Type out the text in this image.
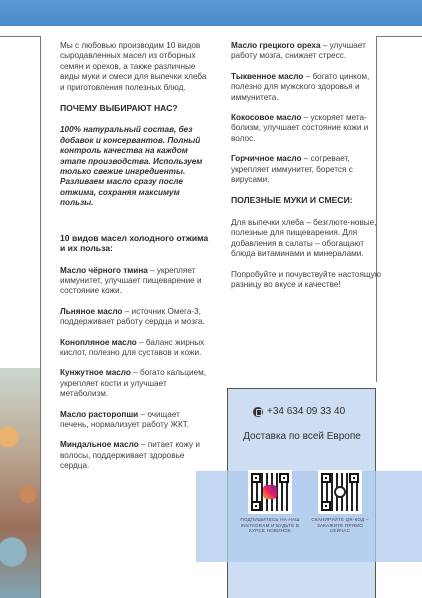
Мы с любовью производим 10 видов сыродавленных масел из отборных семян и орехов, а также различные виды муки и смеси для выпечки хлеба и приготовления полезных блюд.
ПОЧЕМУ ВЫБИРАЮТ НАС?
100% натуральный состав, без добавок и консервантов. Полный контроль качества на каждом этапе производства. Используем только свежие ингредиенты. Разливаем масло сразу после отжима, сохраняя максимум пользы.
10 видов масел холодного отжима и их польза:
Масло чёрного тмина – укрепляет иммунитет, улучшает пищеварение и состояние кожи.
Льняное масло – источник Омега-3, поддерживает работу сердца и мозга.
Конопляное масло – баланс жирных кислот, полезно для суставов и кожи.
Кунжутное масло – богато кальцием, укрепляет кости и улучшает метаболизм.
Масло расторопши – очищает печень, нормализует работу ЖКТ.
Миндальное масло – питает кожу и волосы, поддерживает здоровье сердца.
Масло грецкого ореха – улучшает работу мозга, снижает стресс.
Тыквенное масло – богато цинком, полезно для мужского здоровья и иммунитета.
Кокосовое масло – ускоряет мета-болизм, улучшает состояние кожи и волос.
Горчичное масло – согревает, укрепляет иммунитет, борется с вирусами.
ПОЛЕЗНЫЕ МУКИ И СМЕСИ:
Для выпечки хлеба – безглюте-новые, полезные для пищеварения. Для добавления в салаты – обогащают блюда витаминами и минералами.
Попробуйте и почувствуйте настоящую разницу во вкусе и качестве!
+34 634 09 33 40
Доставка по всей Европе
ПОДПИШИТЕСЬ НА НАШ INSTAGRAM И БУДЬТЕ В КУРСЕ НОВИНОК
СКАНИРУЙТЕ QR-КОД – ЗАКАЖИТЕ ПРЯМО СЕЙЧАС
